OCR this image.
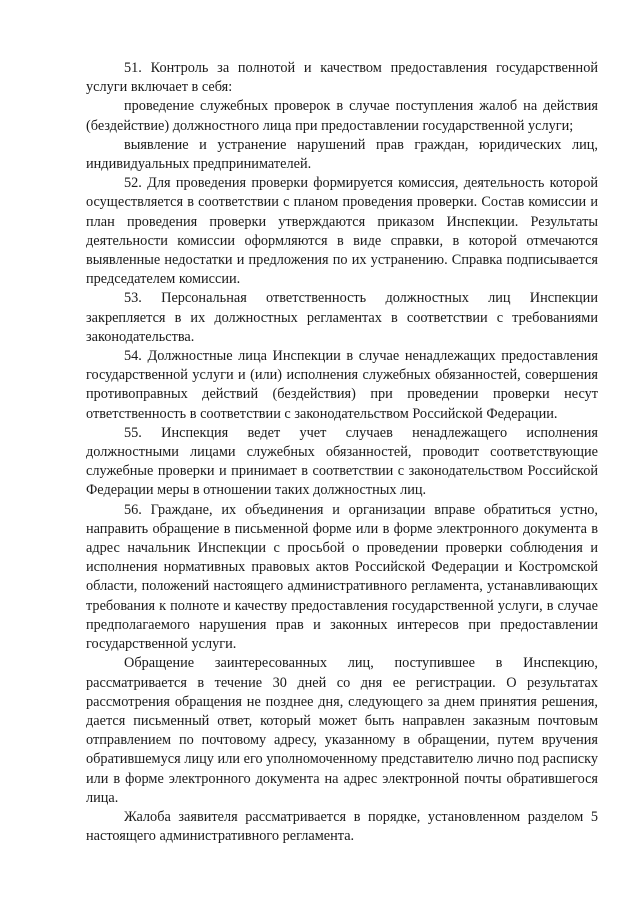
51. Контроль за полнотой и качеством предоставления государственной услуги включает в себя:

проведение служебных проверок в случае поступления жалоб на действия (бездействие) должностного лица при предоставлении государственной услуги;

выявление и устранение нарушений прав граждан, юридических лиц, индивидуальных предпринимателей.

52. Для проведения проверки формируется комиссия, деятельность которой осуществляется в соответствии с планом проведения проверки. Состав комиссии и план проведения проверки утверждаются приказом Инспекции. Результаты деятельности комиссии оформляются в виде справки, в которой отмечаются выявленные недостатки и предложения по их устранению. Справка подписывается председателем комиссии.

53. Персональная ответственность должностных лиц Инспекции закрепляется в их должностных регламентах в соответствии с требованиями законодательства.

54. Должностные лица Инспекции в случае ненадлежащих предоставления государственной услуги и (или) исполнения служебных обязанностей, совершения противоправных действий (бездействия) при проведении проверки несут ответственность в соответствии с законодательством Российской Федерации.

55. Инспекция ведет учет случаев ненадлежащего исполнения должностными лицами служебных обязанностей, проводит соответствующие служебные проверки и принимает в соответствии с законодательством Российской Федерации меры в отношении таких должностных лиц.

56. Граждане, их объединения и организации вправе обратиться устно, направить обращение в письменной форме или в форме электронного документа в адрес начальник Инспекции с просьбой о проведении проверки соблюдения и исполнения нормативных правовых актов Российской Федерации и Костромской области, положений настоящего административного регламента, устанавливающих требования к полноте и качеству предоставления государственной услуги, в случае предполагаемого нарушения прав и законных интересов при предоставлении государственной услуги.

Обращение заинтересованных лиц, поступившее в Инспекцию, рассматривается в течение 30 дней со дня ее регистрации. О результатах рассмотрения обращения не позднее дня, следующего за днем принятия решения, дается письменный ответ, который может быть направлен заказным почтовым отправлением по почтовому адресу, указанному в обращении, путем вручения обратившемуся лицу или его уполномоченному представителю лично под расписку или в форме электронного документа на адрес электронной почты обратившегося лица.

Жалоба заявителя рассматривается в порядке, установленном разделом 5 настоящего административного регламента.
